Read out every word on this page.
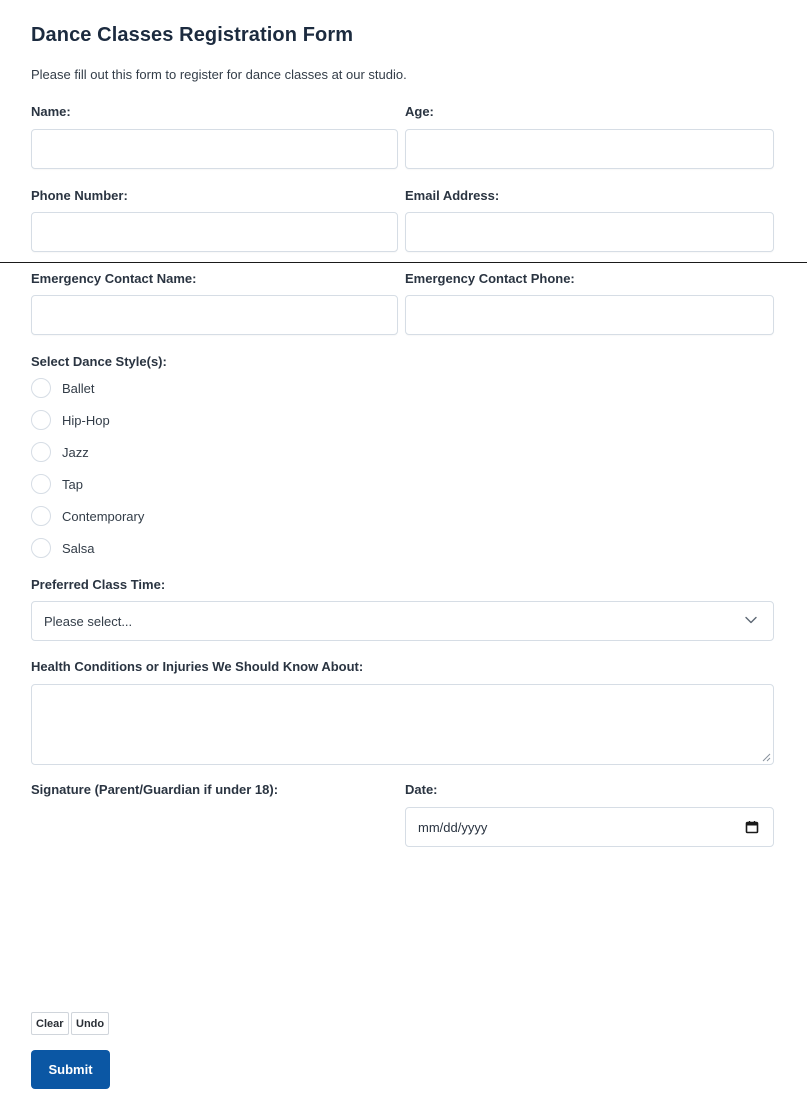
Dance Classes Registration Form
Please fill out this form to register for dance classes at our studio.
Name:	Age:
Phone Number:	Email Address:
Emergency Contact Name:	Emergency Contact Phone:
Select Dance Style(s):
Ballet
Hip-Hop
Jazz
Tap
Contemporary
Salsa
Preferred Class Time:
Please select...
Health Conditions or Injuries We Should Know About:
Signature (Parent/Guardian if under 18):	Date:
mm/dd/yyyy
Clear	Undo
Submit
